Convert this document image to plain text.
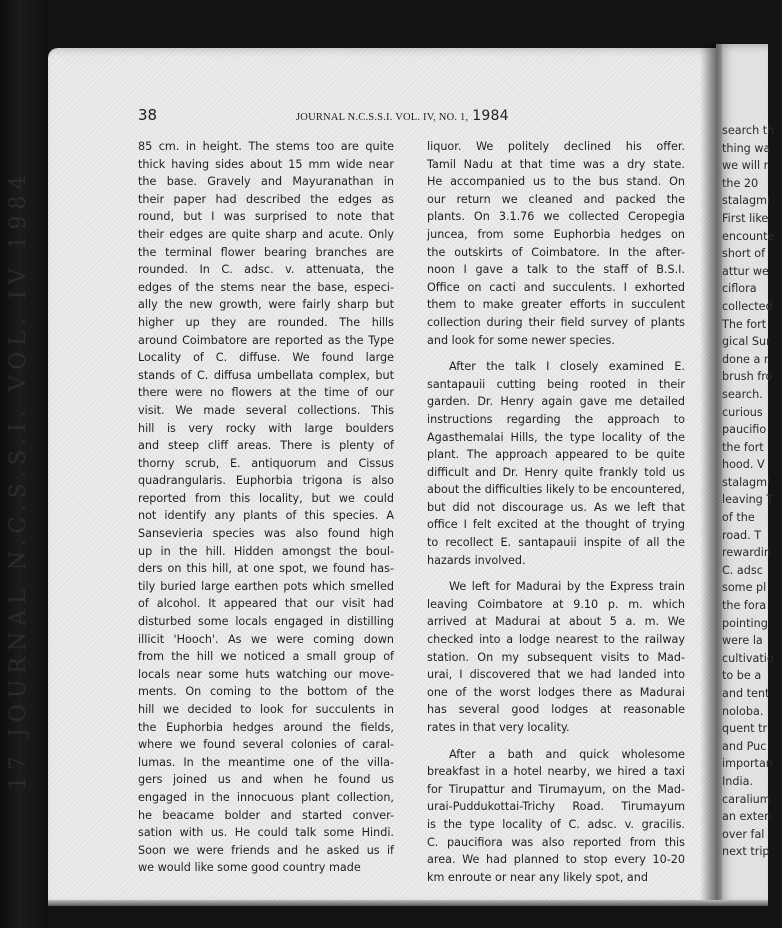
17 JOURNAL N.C.S.S.I. VOL. IV 1984
search th
thing wa
we will r
the 20
stalagmi
First like
encounte
short of
attur we
ciflora
collected
The fort
gical Sur
done a r
brush fro
search.
curious
paucifio
the fort
hood. V
stalagmi
leaving T
of the
road. T
rewardin
C. adsc
some pl
the fora
pointing
were la
cultivatio
to be a
and tent
noloba.
quent tr
and Puc
importan
India.
caralium
an exten
over fal
next trip
38	JOURNAL N.C.S.S.I. VOL. IV, NO. 1, 1984
85 cm. in height. The stems too are quite
thick having sides about 15 mm wide near
the base. Gravely and Mayuranathan in
their paper had described the edges as
round, but I was surprised to note that
their edges are quite sharp and acute. Only
the terminal flower bearing branches are
rounded. In C. adsc. v. attenuata, the
edges of the stems near the base, especi-
ally the new growth, were fairly sharp but
higher up they are rounded. The hills
around Coimbatore are reported as the Type
Locality of C. diffuse. We found large
stands of C. diffusa umbellata complex, but
there were no flowers at the time of our
visit. We made several collections. This
hill is very rocky with large boulders
and steep cliff areas. There is plenty of
thorny scrub, E. antiquorum and Cissus
quadrangularis. Euphorbia trigona is also
reported from this locality, but we could
not identify any plants of this species. A
Sansevieria species was also found high
up in the hill. Hidden amongst the boul-
ders on this hill, at one spot, we found has-
tily buried large earthen pots which smelled
of alcohol. It appeared that our visit had
disturbed some locals engaged in distilling
illicit 'Hooch'. As we were coming down
from the hill we noticed a small group of
locals near some huts watching our move-
ments. On coming to the bottom of the
hill we decided to look for succulents in
the Euphorbia hedges around the fields,
where we found several colonies of caral-
lumas. In the meantime one of the villa-
gers joined us and when he found us
engaged in the innocuous plant collection,
he beacame bolder and started conver-
sation with us. He could talk some Hindi.
Soon we were friends and he asked us if
we would like some good country made
liquor. We politely declined his offer.
Tamil Nadu at that time was a dry state.
He accompanied us to the bus stand. On
our return we cleaned and packed the
plants. On 3.1.76 we collected Ceropegia
juncea, from some Euphorbia hedges on
the outskirts of Coimbatore. In the after-
noon I gave a talk to the staff of B.S.I.
Office on cacti and succulents. I exhorted
them to make greater efforts in succulent
collection during their field survey of plants
and look for some newer species.
After the talk I closely examined E.
santapauii cutting being rooted in their
garden. Dr. Henry again gave me detailed
instructions regarding the approach to
Agasthemalai Hills, the type locality of the
plant. The approach appeared to be quite
difficult and Dr. Henry quite frankly told us
about the difficulties likely to be encountered,
but did not discourage us. As we left that
office I felt excited at the thought of trying
to recollect E. santapauii inspite of all the
hazards involved.
We left for Madurai by the Express train
leaving Coimbatore at 9.10 p. m. which
arrived at Madurai at about 5 a. m. We
checked into a lodge nearest to the railway
station. On my subsequent visits to Mad-
urai, I discovered that we had landed into
one of the worst lodges there as Madurai
has several good lodges at reasonable
rates in that very locality.
After a bath and quick wholesome
breakfast in a hotel nearby, we hired a taxi
for Tirupattur and Tirumayum, on the Mad-
urai-Puddukottai-Trichy Road. Tirumayum
is the type locality of C. adsc. v. gracilis.
C. paucifiora was also reported from this
area. We had planned to stop every 10-20
km enroute or near any likely spot, and
